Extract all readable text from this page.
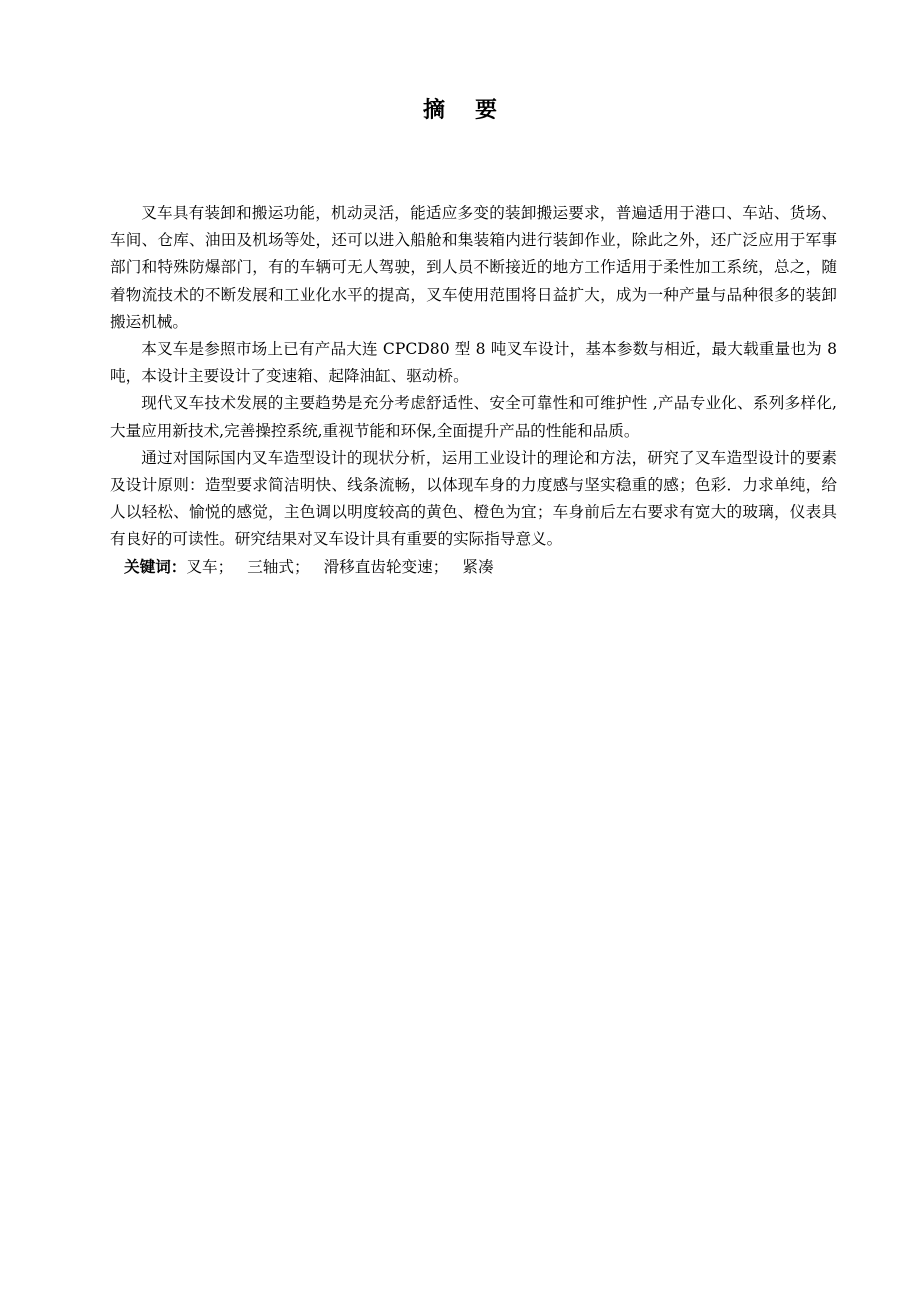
摘 要

叉车具有装卸和搬运功能，机动灵活，能适应多变的装卸搬运要求，普遍适用于港口、车站、货场、车间、仓库、油田及机场等处，还可以进入船舱和集装箱内进行装卸作业，除此之外，还广泛应用于军事部门和特殊防爆部门，有的车辆可无人驾驶，到人员不断接近的地方工作适用于柔性加工系统，总之，随着物流技术的不断发展和工业化水平的提高，叉车使用范围将日益扩大，成为一种产量与品种很多的装卸搬运机械。

本叉车是参照市场上已有产品大连 CPCD80 型 8 吨叉车设计，基本参数与相近，最大载重量也为 8 吨，本设计主要设计了变速箱、起降油缸、驱动桥。

现代叉车技术发展的主要趋势是充分考虑舒适性、安全可靠性和可维护性 ,产品专业化、系列多样化,大量应用新技术,完善操控系统,重视节能和环保,全面提升产品的性能和品质。

通过对国际国内叉车造型设计的现状分析，运用工业设计的理论和方法，研究了叉车造型设计的要素及设计原则：造型要求简洁明快、线条流畅，以体现车身的力度感与坚实稳重的感；色彩．力求单纯，给人以轻松、愉悦的感觉，主色调以明度较高的黄色、橙色为宜；车身前后左右要求有宽大的玻璃，仪表具有良好的可读性。研究结果对叉车设计具有重要的实际指导意义。

关键词：叉车； 三轴式； 滑移直齿轮变速； 紧凑
